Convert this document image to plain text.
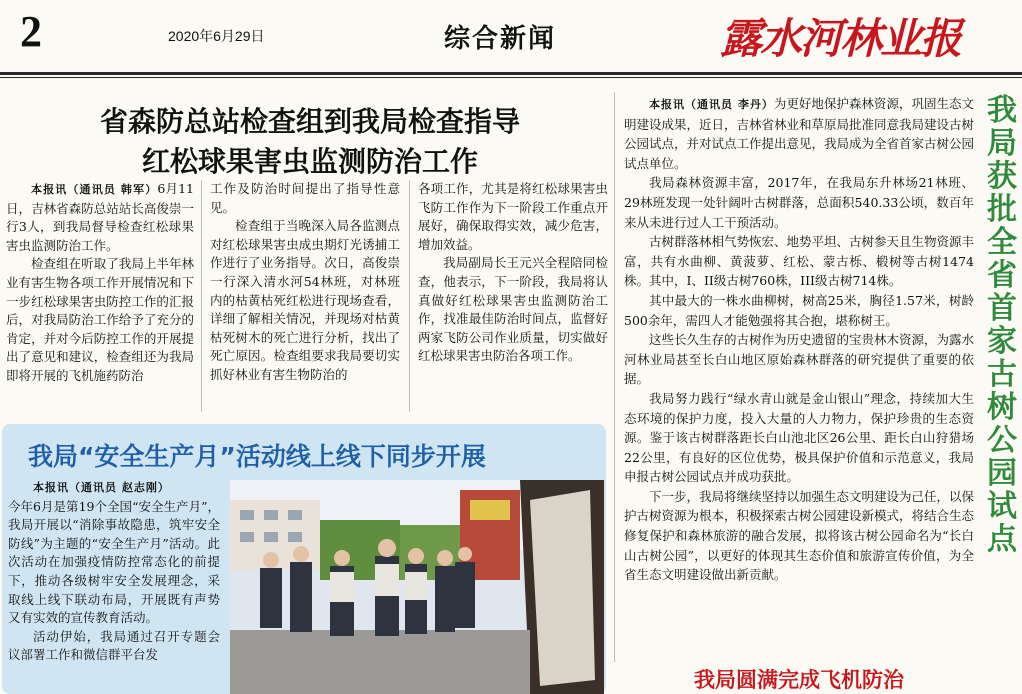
2	2020年6月29日	综合新闻	露水河林业报
省森防总站检查组到我局检查指导
红松球果害虫监测防治工作

本报讯（通讯员 韩军）6月11日，吉林省森防总站站长高俊崇一行3人，到我局督导检查红松球果害虫监测防治工作。

检查组在听取了我局上半年林业有害生物各项工作开展情况和下一步红松球果害虫防控工作的汇报后，对我局防治工作给予了充分的肯定，并对今后防控工作的开展提出了意见和建议，检查组还为我局即将开展的飞机施药防治

工作及防治时间提出了指导性意见。

检查组于当晚深入局各监测点对红松球果害虫成虫期灯光诱捕工作进行了业务指导。次日，高俊崇一行深入清水河54林班，对林班内的枯黄枯死红松进行现场查看，详细了解相关情况，并现场对枯黄枯死树木的死亡进行分析，找出了死亡原因。检查组要求我局要切实抓好林业有害生物防治的

各项工作，尤其是将红松球果害虫飞防工作作为下一阶段工作重点开展好，确保取得实效，减少危害，增加效益。

我局副局长王元兴全程陪同检查，他表示，下一阶段，我局将认真做好红松球果害虫监测防治工作，找准最佳防治时间点，监督好两家飞防公司作业质量，切实做好红松球果害虫防治各项工作。

我局“安全生产月”活动线上线下同步开展

本报讯（通讯员 赵志刚）

今年6月是第19个全国“安全生产月”，我局开展以“消除事故隐患，筑牢安全防线”为主题的“安全生产月”活动。此次活动在加强疫情防控常态化的前提下，推动各级树牢安全发展理念，采取线上线下联动布局，开展既有声势又有实效的宣传教育活动。

活动伊始，我局通过召开专题会议部署工作和微信群平台发

本报讯（通讯员 李丹）为更好地保护森林资源，巩固生态文明建设成果，近日，吉林省林业和草原局批准同意我局建设古树公园试点，并对试点工作提出意见，我局成为全省首家古树公园试点单位。

我局森林资源丰富，2017年，在我局东升林场21林班、29林班发现一处针阔叶古树群落，总面积540.33公顷，数百年来从未进行过人工干预活动。

古树群落林相气势恢宏、地势平坦、古树参天且生物资源丰富，共有水曲柳、黄菠萝、红松、蒙古栎、椴树等古树1474株。其中，I、II级古树760株，III级古树714株。

其中最大的一株水曲柳树，树高25米，胸径1.57米，树龄500余年，需四人才能勉强将其合抱，堪称树王。

这些长久生存的古树作为历史遗留的宝贵林木资源，为露水河林业局甚至长白山地区原始森林群落的研究提供了重要的依据。

我局努力践行“绿水青山就是金山银山”理念，持续加大生态环境的保护力度，投入大量的人力物力，保护珍贵的生态资源。鉴于该古树群落距长白山池北区26公里、距长白山狩猎场22公里，有良好的区位优势，极具保护价值和示范意义，我局申报古树公园试点并成功获批。

下一步，我局将继续坚持以加强生态文明建设为己任，以保护古树资源为根本，积极探索古树公园建设新模式，将结合生态修复保护和森林旅游的融合发展，拟将该古树公园命名为“长白山古树公园”，以更好的体现其生态价值和旅游宣传价值，为全省生态文明建设做出新贡献。

我局获批全省首家古树公园试点
我局圆满完成飞机防治
